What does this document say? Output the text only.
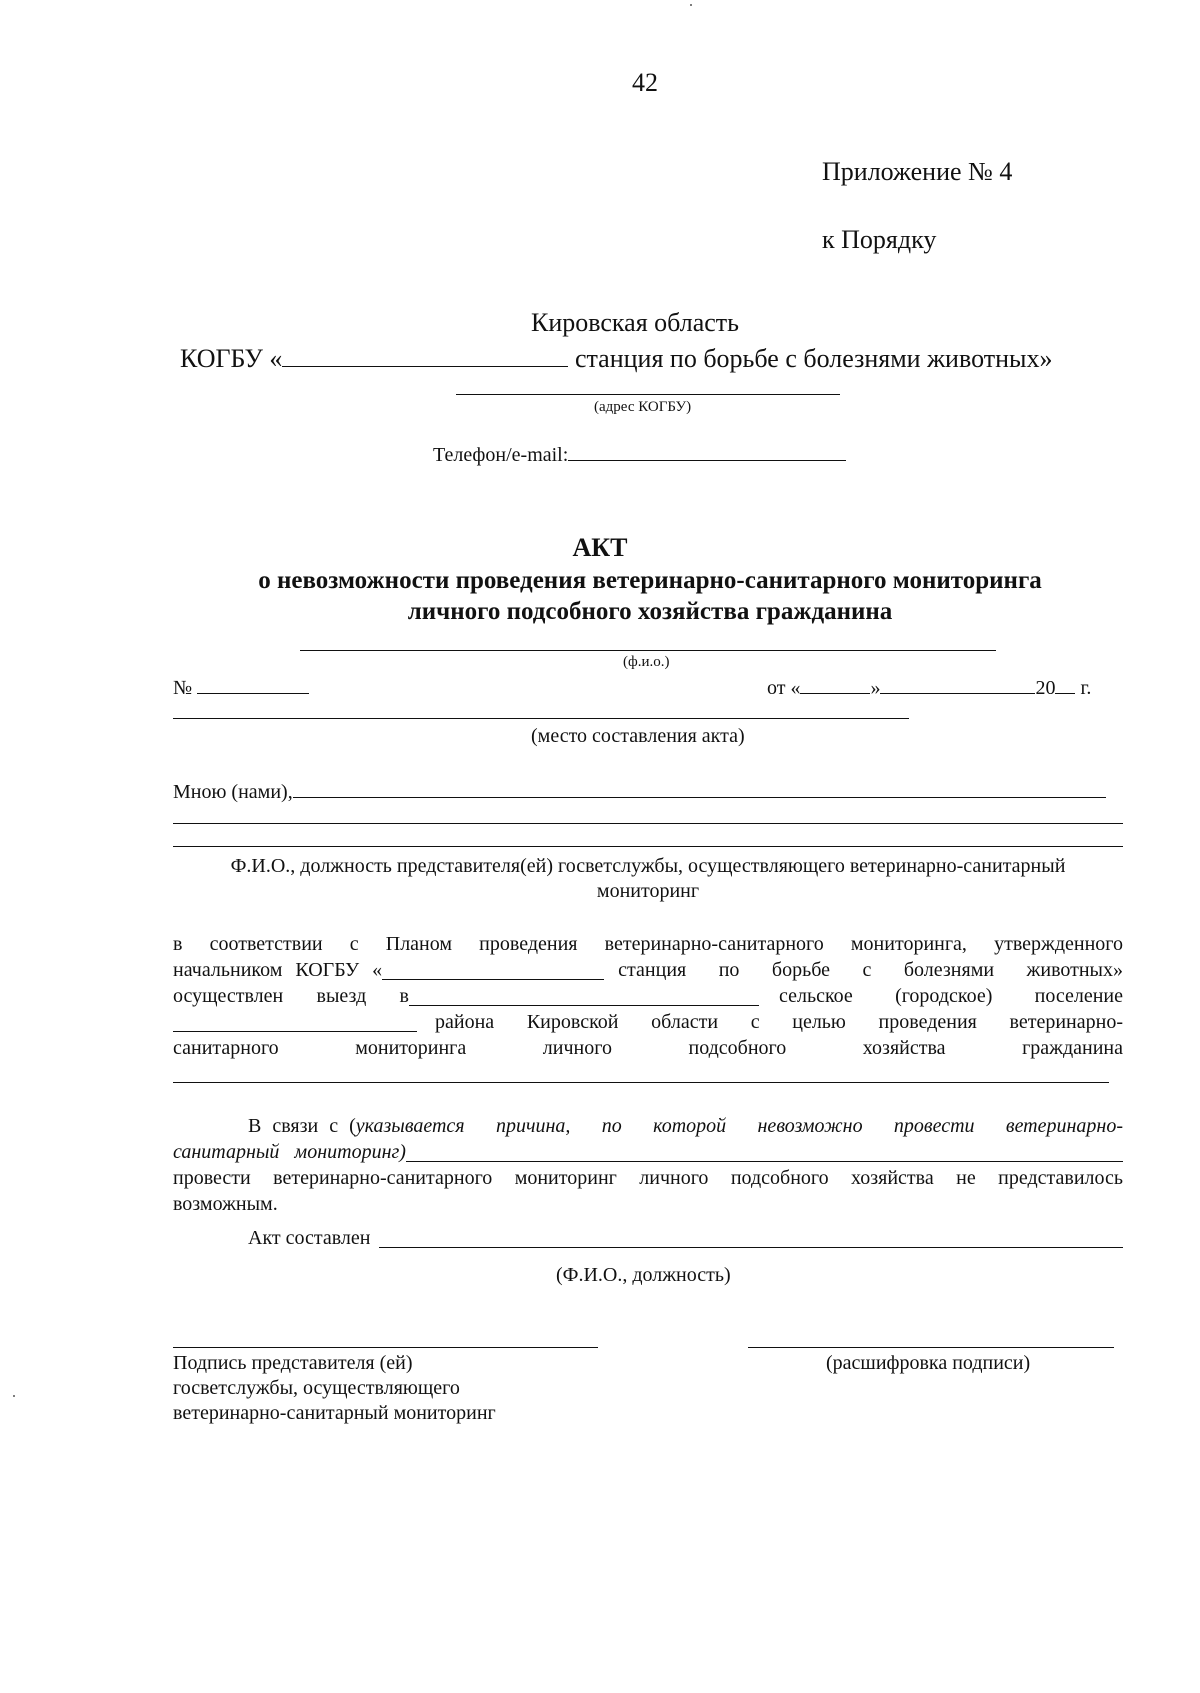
42
Приложение № 4
к Порядку
Кировская область
КОГБУ «	станция по борьбе с болезнями животных»
(адрес КОГБУ)
Телефон/e-mail:
АКТ
о невозможности проведения ветеринарно-санитарного мониторинга
личного подсобного хозяйства гражданина
(ф.и.о.)
№	от «	»	20 г.
(место составления акта)
Мною (нами),
Ф.И.О., должность представителя(ей) госветслужбы, осуществляющего ветеринарно-санитарный
мониторинг
в соответствии с Планом проведения ветеринарно-санитарного мониторинга, утвержденного
начальником КОГБУ «	станция по борьбе с болезнями животных»
осуществлен выезд в	сельское (городское) поселение
района Кировской области с целью проведения ветеринарно-
санитарного мониторинга личного подсобного хозяйства гражданина
В связи с ( указывается причина, по которой невозможно провести ветеринарно-
санитарный мониторинг)
провести ветеринарно-санитарного мониторинг личного подсобного хозяйства не представилось
возможным.
Акт составлен
(Ф.И.О., должность)
Подпись представителя (ей)
госветслужбы, осуществляющего
ветеринарно-санитарный мониторинг
(расшифровка подписи)
